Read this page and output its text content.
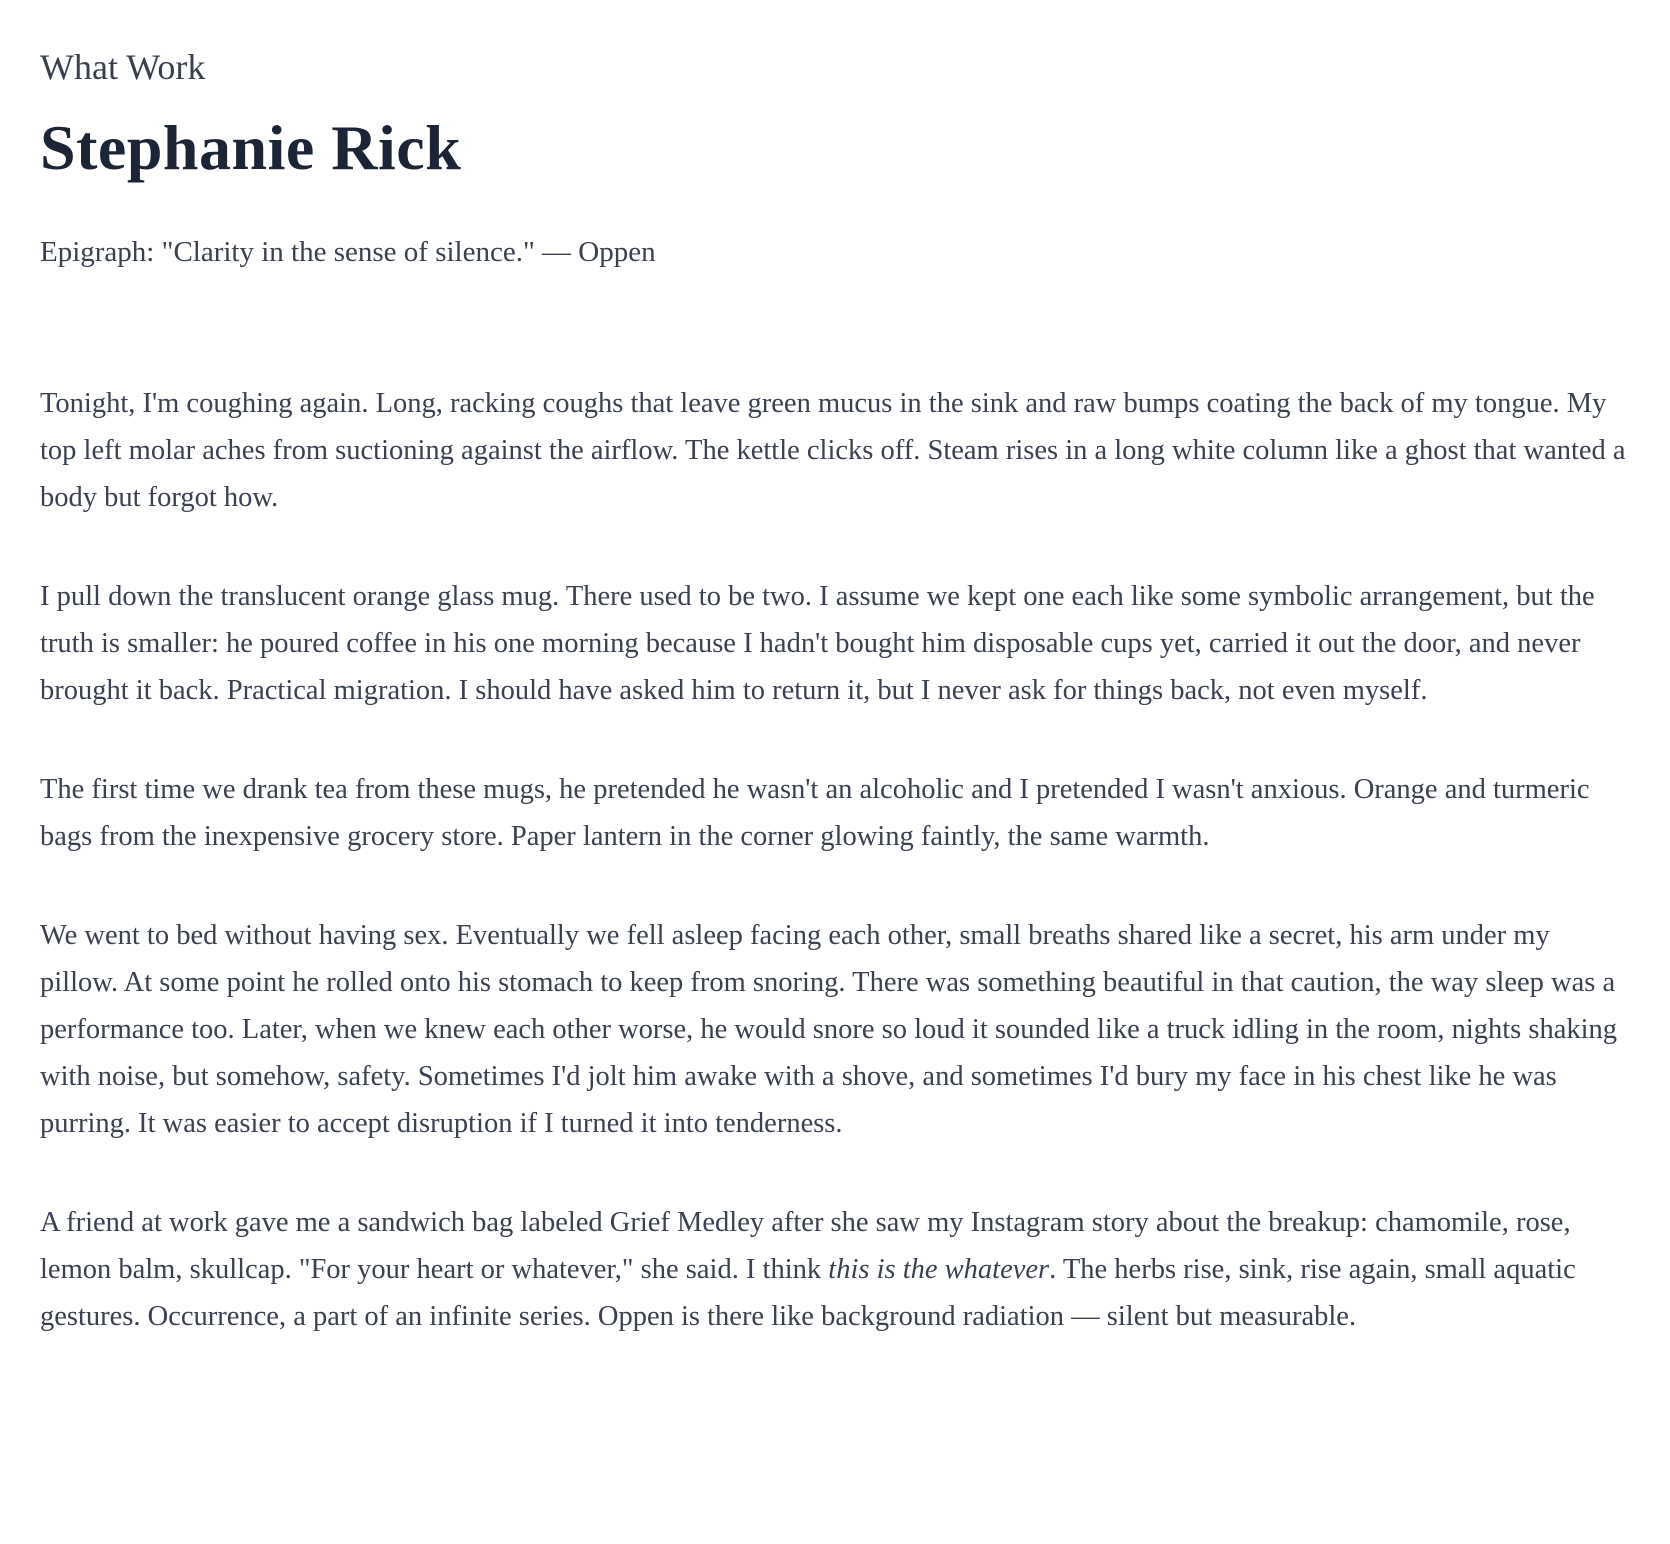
What Work
Stephanie Rick
Epigraph: "Clarity in the sense of silence." — Oppen

Tonight, I'm coughing again. Long, racking coughs that leave green mucus in the sink and raw bumps coating the back of my tongue. My top left molar aches from suctioning against the airflow. The kettle clicks off. Steam rises in a long white column like a ghost that wanted a body but forgot how.

I pull down the translucent orange glass mug. There used to be two. I assume we kept one each like some symbolic arrangement, but the truth is smaller: he poured coffee in his one morning because I hadn't bought him disposable cups yet, carried it out the door, and never brought it back. Practical migration. I should have asked him to return it, but I never ask for things back, not even myself.

The first time we drank tea from these mugs, he pretended he wasn't an alcoholic and I pretended I wasn't anxious. Orange and turmeric bags from the inexpensive grocery store. Paper lantern in the corner glowing faintly, the same warmth.

We went to bed without having sex. Eventually we fell asleep facing each other, small breaths shared like a secret, his arm under my pillow. At some point he rolled onto his stomach to keep from snoring. There was something beautiful in that caution, the way sleep was a performance too. Later, when we knew each other worse, he would snore so loud it sounded like a truck idling in the room, nights shaking with noise, but somehow, safety. Sometimes I'd jolt him awake with a shove, and sometimes I'd bury my face in his chest like he was purring. It was easier to accept disruption if I turned it into tenderness.

A friend at work gave me a sandwich bag labeled Grief Medley after she saw my Instagram story about the breakup: chamomile, rose, lemon balm, skullcap. "For your heart or whatever," she said. I think this is the whatever. The herbs rise, sink, rise again, small aquatic gestures. Occurrence, a part of an infinite series. Oppen is there like background radiation — silent but measurable.
